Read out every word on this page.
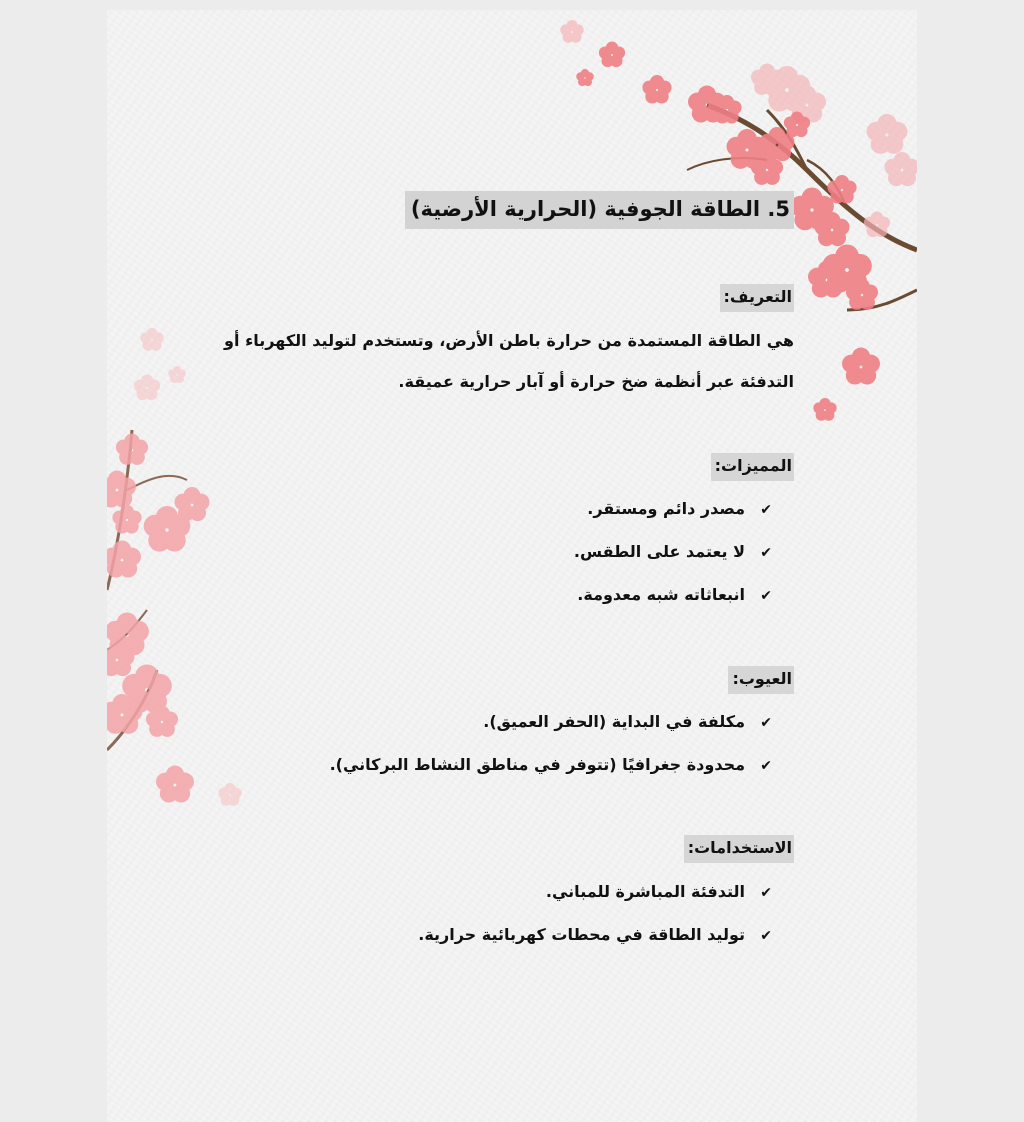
5. الطاقة الجوفية (الحرارية الأرضية)
التعريف:
هي الطاقة المستمدة من حرارة باطن الأرض، وتستخدم لتوليد الكهرباء أو
التدفئة عبر أنظمة ضخ حرارة أو آبار حرارية عميقة.
المميزات:
✔
مصدر دائم ومستقر.
✔
لا يعتمد على الطقس.
✔
انبعاثاته شبه معدومة.
العيوب:
✔
مكلفة في البداية (الحفر العميق).
✔
محدودة جغرافيًا (تتوفر في مناطق النشاط البركاني).
الاستخدامات:
✔
التدفئة المباشرة للمباني.
✔
توليد الطاقة في محطات كهربائية حرارية.
